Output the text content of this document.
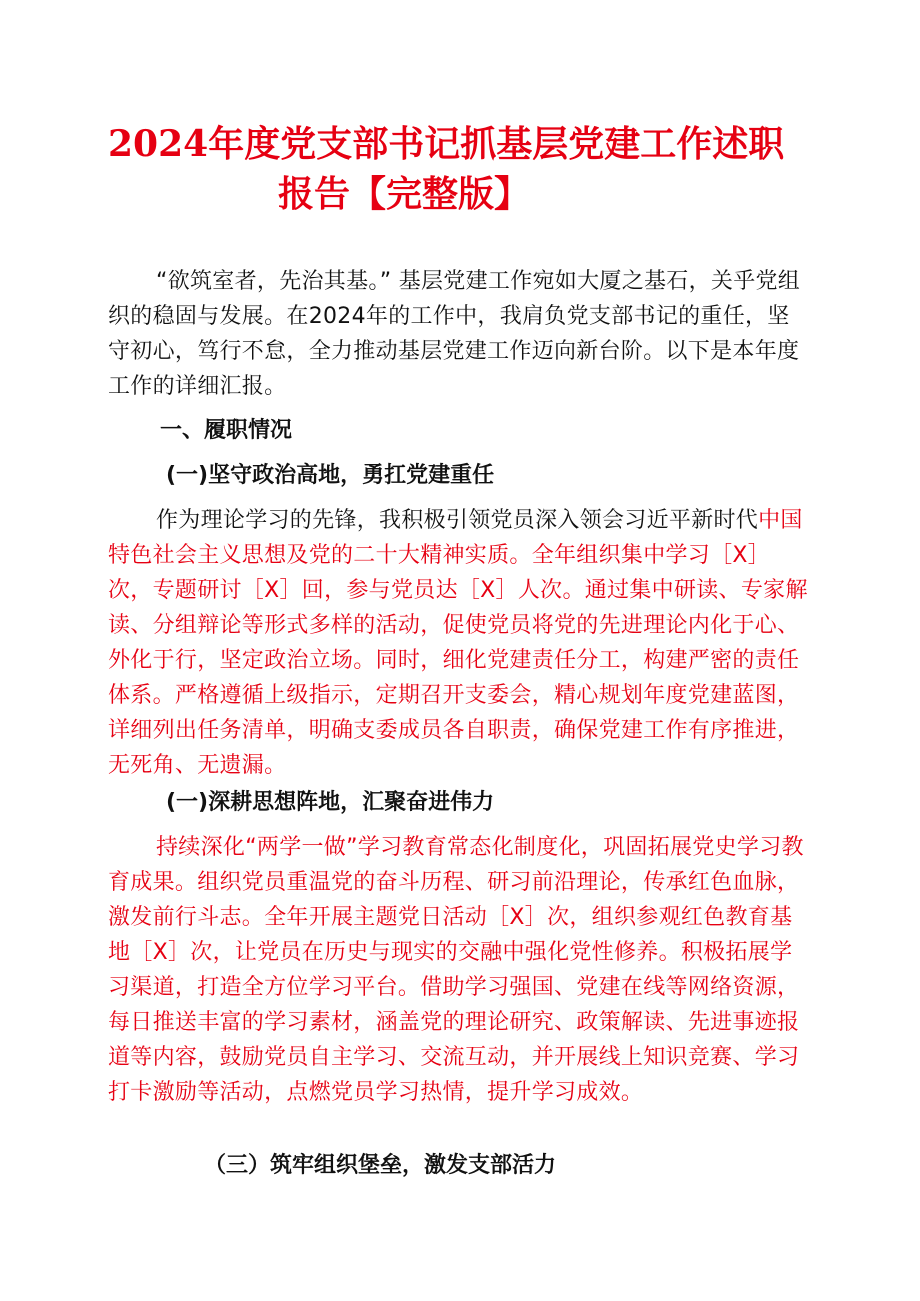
2024年度党支部书记抓基层党建工作述职
报告【完整版】
“欲筑室者，先治其基。” 基层党建工作宛如大厦之基石，关乎党组织的稳固与发展。在2024年的工作中，我肩负党支部书记的重任，坚守初心，笃行不怠，全力推动基层党建工作迈向新台阶。以下是本年度工作的详细汇报。
一、履职情况
(一)坚守政治高地，勇扛党建重任
作为理论学习的先锋，我积极引领党员深入领会习近平新时代中国特色社会主义思想及党的二十大精神实质。全年组织集中学习［X］次，专题研讨［X］回，参与党员达［X］人次。通过集中研读、专家解读、分组辩论等形式多样的活动，促使党员将党的先进理论内化于心、外化于行，坚定政治立场。同时，细化党建责任分工，构建严密的责任体系。严格遵循上级指示，定期召开支委会，精心规划年度党建蓝图，详细列出任务清单，明确支委成员各自职责，确保党建工作有序推进，无死角、无遗漏。
(一)深耕思想阵地，汇聚奋进伟力
持续深化“两学一做”学习教育常态化制度化，巩固拓展党史学习教育成果。组织党员重温党的奋斗历程、研习前沿理论，传承红色血脉，激发前行斗志。全年开展主题党日活动［X］次，组织参观红色教育基地［X］次，让党员在历史与现实的交融中强化党性修养。积极拓展学习渠道，打造全方位学习平台。借助学习强国、党建在线等网络资源，每日推送丰富的学习素材，涵盖党的理论研究、政策解读、先进事迹报道等内容，鼓励党员自主学习、交流互动，并开展线上知识竞赛、学习打卡激励等活动，点燃党员学习热情，提升学习成效。
（三）筑牢组织堡垒，激发支部活力
